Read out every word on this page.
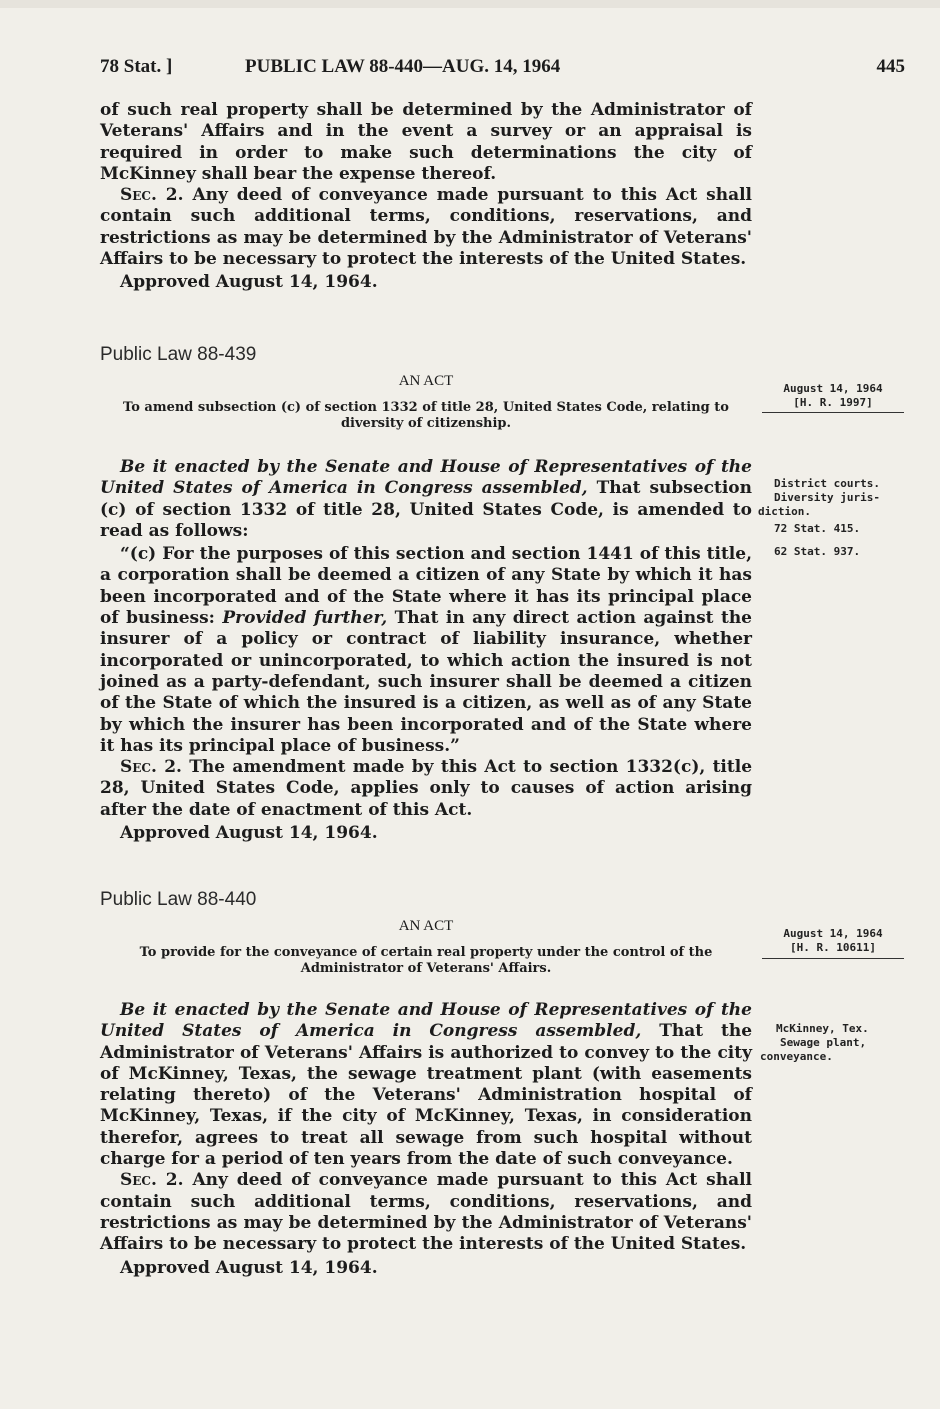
78 Stat. ]	PUBLIC LAW 88-440—AUG. 14, 1964	445

of such real property shall be determined by the Administrator of Veterans' Affairs and in the event a survey or an appraisal is required in order to make such determinations the city of McKinney shall bear the expense thereof.

Sec. 2. Any deed of conveyance made pursuant to this Act shall contain such additional terms, conditions, reservations, and restrictions as may be determined by the Administrator of Veterans' Affairs to be necessary to protect the interests of the United States.

Approved August 14, 1964.

Public Law 88-439
AN ACT
To amend subsection (c) of section 1332 of title 28, United States Code, relating to diversity of citizenship.
August 14, 1964
[H. R. 1997]

Be it enacted by the Senate and House of Representatives of the United States of America in Congress assembled, That subsection (c) of section 1332 of title 28, United States Code, is amended to read as follows:

“(c) For the purposes of this section and section 1441 of this title, a corporation shall be deemed a citizen of any State by which it has been incorporated and of the State where it has its principal place of business: Provided further, That in any direct action against the insurer of a policy or contract of liability insurance, whether incorporated or unincorporated, to which action the insured is not joined as a party-defendant, such insurer shall be deemed a citizen of the State of which the insured is a citizen, as well as of any State by which the insurer has been incorporated and of the State where it has its principal place of business.”

Sec. 2. The amendment made by this Act to section 1332(c), title 28, United States Code, applies only to causes of action arising after the date of enactment of this Act.

Approved August 14, 1964.

District courts.
Diversity juris-
diction.
72 Stat. 415.
62 Stat. 937.
Public Law 88-440
AN ACT
To provide for the conveyance of certain real property under the control of the Administrator of Veterans' Affairs.
August 14, 1964
[H. R. 10611]

Be it enacted by the Senate and House of Representatives of the United States of America in Congress assembled, That the Administrator of Veterans' Affairs is authorized to convey to the city of McKinney, Texas, the sewage treatment plant (with easements relating thereto) of the Veterans' Administration hospital of McKinney, Texas, if the city of McKinney, Texas, in consideration therefor, agrees to treat all sewage from such hospital without charge for a period of ten years from the date of such conveyance.

Sec. 2. Any deed of conveyance made pursuant to this Act shall contain such additional terms, conditions, reservations, and restrictions as may be determined by the Administrator of Veterans' Affairs to be necessary to protect the interests of the United States.

Approved August 14, 1964.

McKinney, Tex.
Sewage plant,
conveyance.
